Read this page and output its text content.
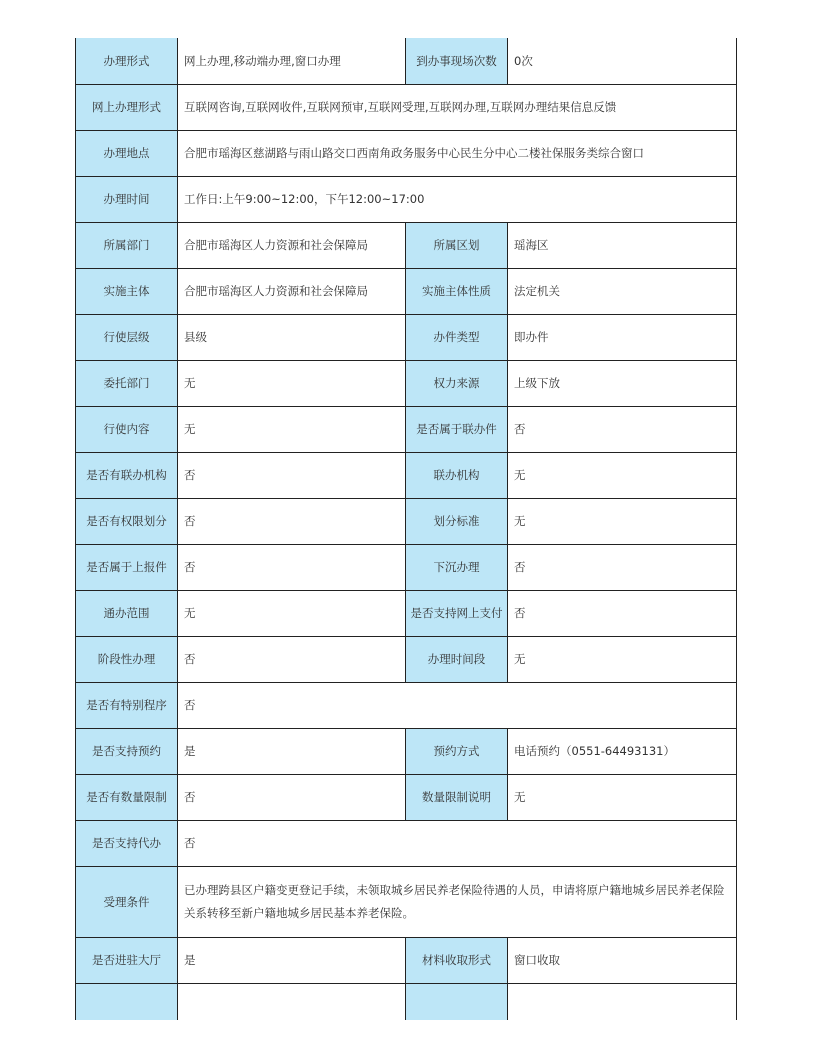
办理形式	网上办理,移动端办理,窗口办理	到办事现场次数	0次
网上办理形式	互联网咨询,互联网收件,互联网预审,互联网受理,互联网办理,互联网办理结果信息反馈		
办理地点	合肥市瑶海区慈湖路与雨山路交口西南角政务服务中心民生分中心二楼社保服务类综合窗口		
办理时间	工作日:上午9:00~12:00，下午12:00~17:00		
所属部门	合肥市瑶海区人力资源和社会保障局	所属区划	瑶海区
实施主体	合肥市瑶海区人力资源和社会保障局	实施主体性质	法定机关
行使层级	县级	办件类型	即办件
委托部门	无	权力来源	上级下放
行使内容	无	是否属于联办件	否
是否有联办机构	否	联办机构	无
是否有权限划分	否	划分标准	无
是否属于上报件	否	下沉办理	否
通办范围	无	是否支持网上支付	否
阶段性办理	否	办理时间段	无
是否有特别程序	否		
是否支持预约	是	预约方式	电话预约（0551-64493131）
是否有数量限制	否	数量限制说明	无
是否支持代办	否		
受理条件	已办理跨县区户籍变更登记手续，未领取城乡居民养老保险待遇的人员，申请将原户籍地城乡居民养老保险关系转移至新户籍地城乡居民基本养老保险。		
是否进驻大厅	是	材料收取形式	窗口收取
